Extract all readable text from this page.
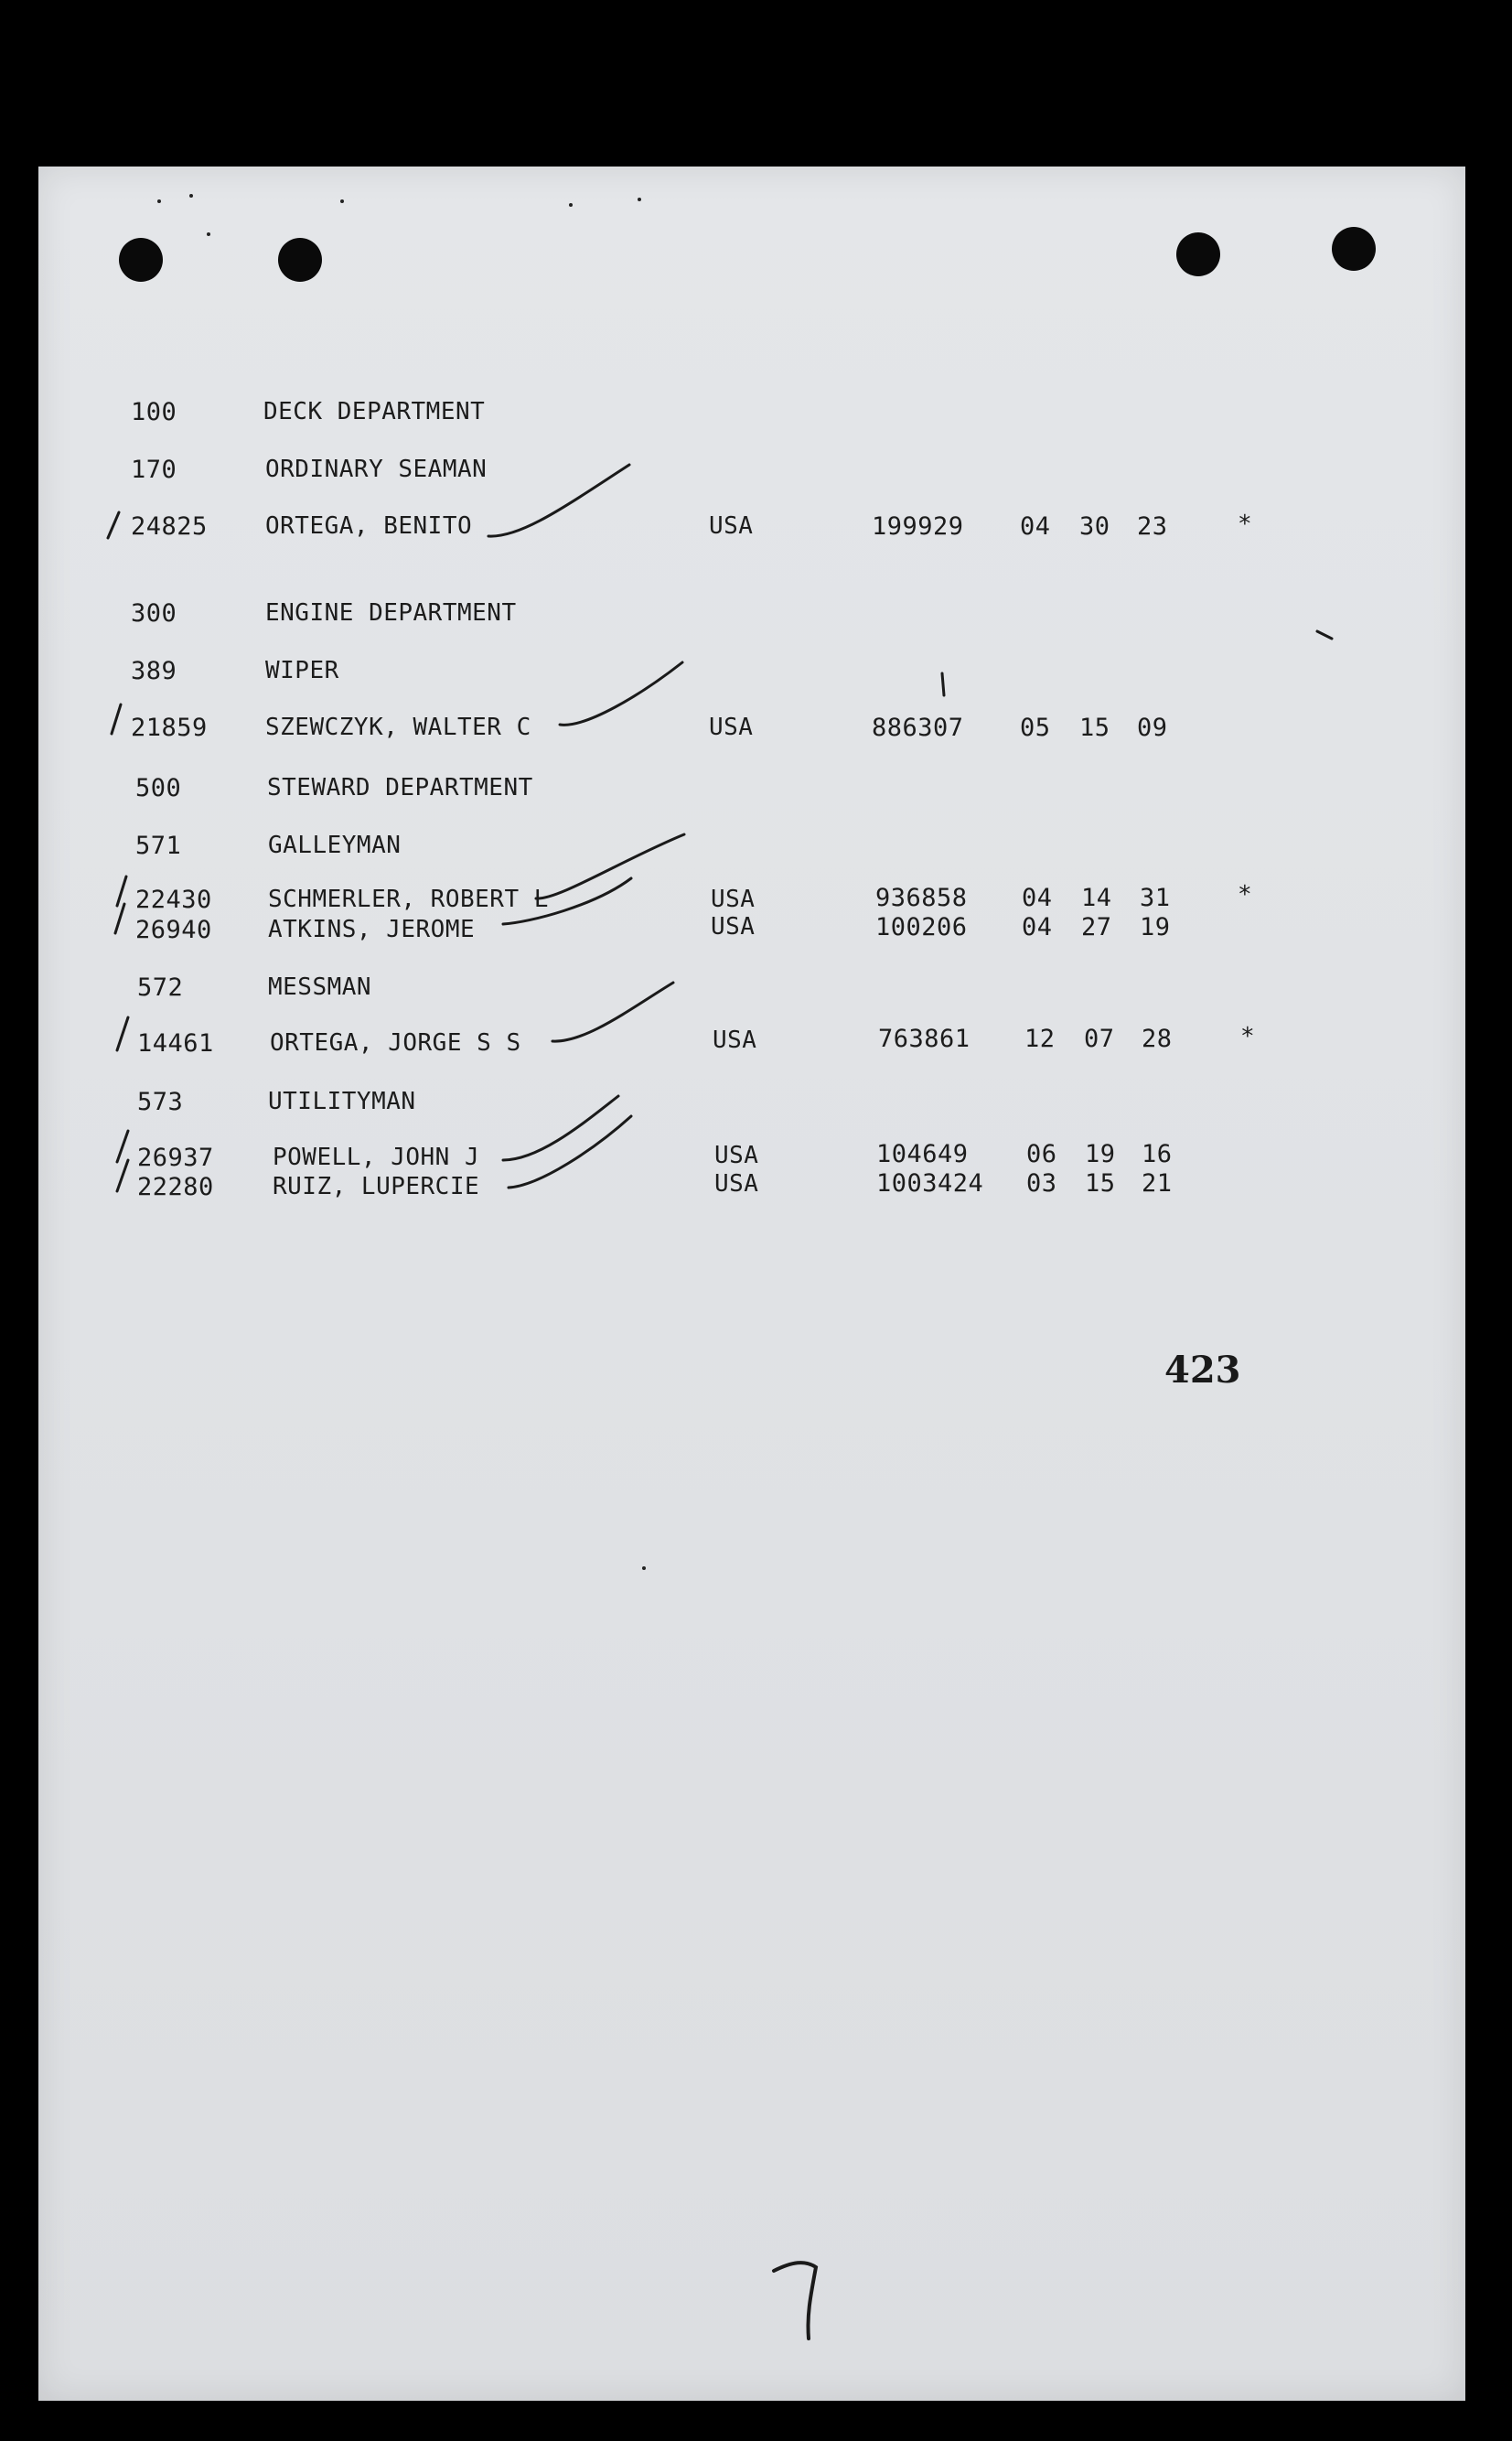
100	DECK DEPARTMENT
170	ORDINARY SEAMAN
24825 ORTEGA, BENITO	USA	199929 04 30 23	*
300	ENGINE DEPARTMENT
389	WIPER
21859 SZEWCZYK, WALTER C	USA	886307 05 15 09
500	STEWARD DEPARTMENT
571	GALLEYMAN
22430 SCHMERLER, ROBERT L	USA	936858 04 14 31	*
26940 ATKINS, JEROME	USA	100206 04 27 19
572	MESSMAN
14461 ORTEGA, JORGE S S	USA	763861 12 07 28	*
573	UTILITYMAN
26937 POWELL, JOHN J	USA	104649 06 19 16
22280 RUIZ, LUPERCIE	USA	1003424 03 15 21
423
